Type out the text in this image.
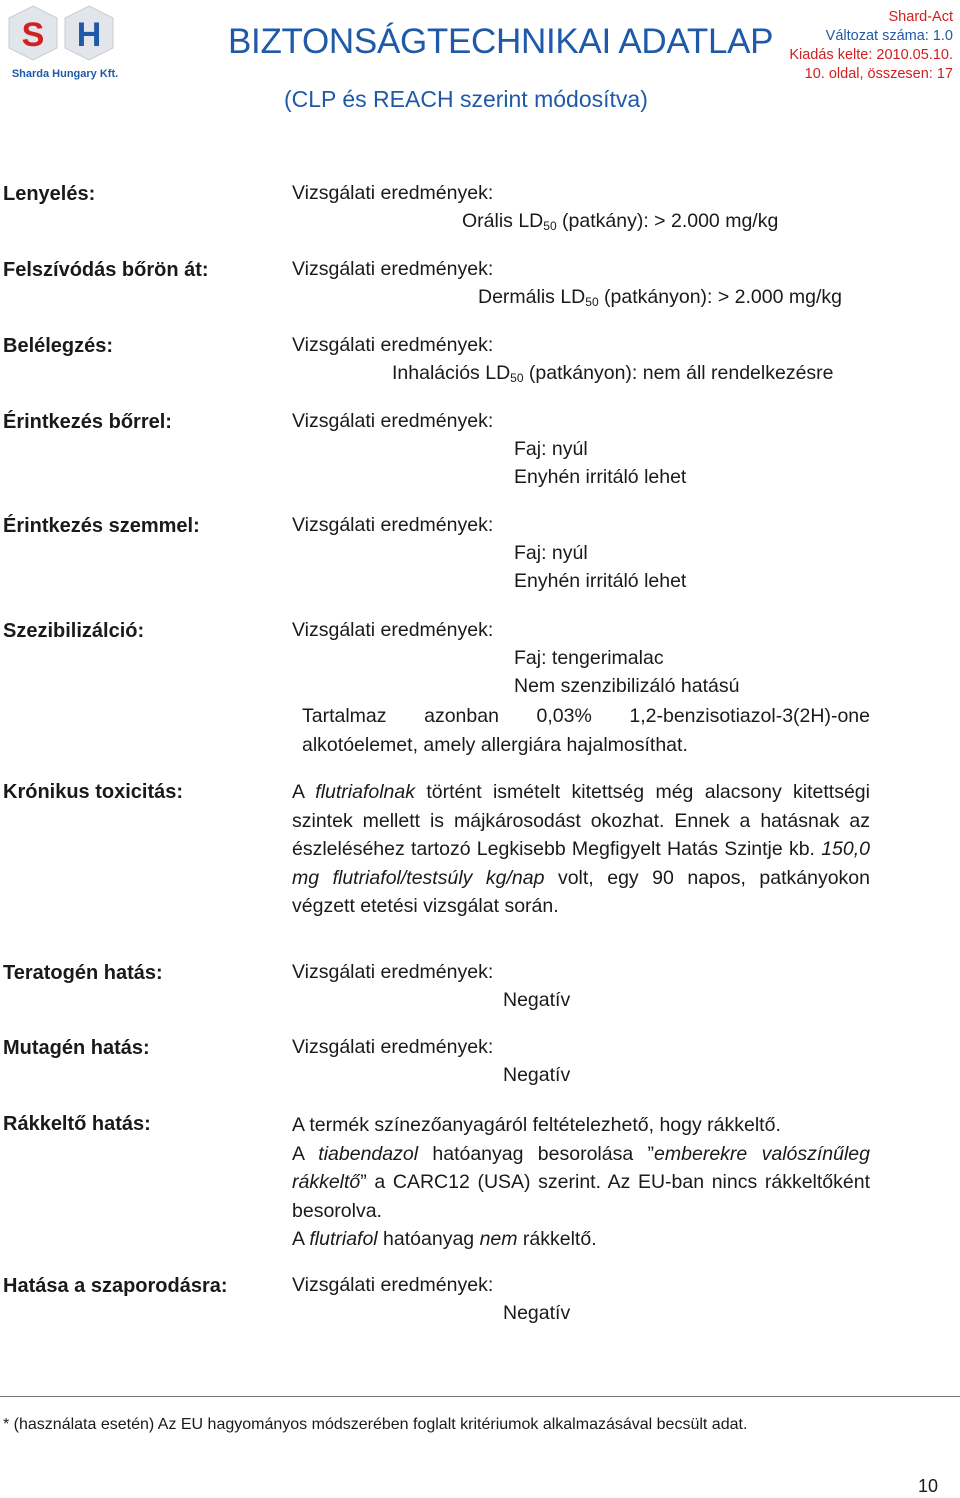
S H
Sharda Hungary Kft.
BIZTONSÁGTECHNIKAI ADATLAP
(CLP és REACH szerint módosítva)
Shard-Act
Változat száma: 1.0
Kiadás kelte: 2010.05.10.
10. oldal, összesen: 17
Lenyelés:	Vizsgálati eredmények:
Orális $LD_{50}$ (patkány): > 2.000 mg/kg
Felszívódás bőrön át:	Vizsgálati eredmények:
Dermális $LD_{50}$ (patkányon): > 2.000 mg/kg
Belélegzés:	Vizsgálati eredmények:
Inhalációs $LD_{50}$ (patkányon): nem áll rendelkezésre
Érintkezés bőrrel:	Vizsgálati eredmények:
Faj: nyúl
Enyhén irritáló lehet
Érintkezés szemmel:	Vizsgálati eredmények:
Faj: nyúl
Enyhén irritáló lehet
Szezibilizálció:	Vizsgálati eredmények:
Faj: tengerimalac
Nem szenzibilizáló hatású
Tartalmaz azonban 0,03% 1,2-benzisotiazol-3(2H)-one alkotóelemet, amely allergiára hajalmosíthat.
Krónikus toxicitás:	A flutriafolnak történt ismételt kitettség még alacsony kitettségi szintek mellett is májkárosodást okozhat. Ennek a hatásnak az észleléséhez tartozó Legkisebb Megfigyelt Hatás Szintje kb. 150,0 mg flutriafol/testsúly kg/nap volt, egy 90 napos, patkányokon végzett etetési vizsgálat során.
Teratogén hatás:	Vizsgálati eredmények:
Negatív
Mutagén hatás:	Vizsgálati eredmények:
Negatív
Rákkeltő hatás:	A termék színezőanyagáról feltételezhető, hogy rákkeltő.
A tiabendazol hatóanyag besorolása ”emberekre valószínűleg rákkeltő” a CARC12 (USA) szerint. Az EU-ban nincs rákkeltőként besorolva.
A flutriafol hatóanyag nem rákkeltő.
Hatása a szaporodásra:	Vizsgálati eredmények:
Negatív
* (használata esetén) Az EU hagyományos módszerében foglalt kritériumok alkalmazásával becsült adat.
10
